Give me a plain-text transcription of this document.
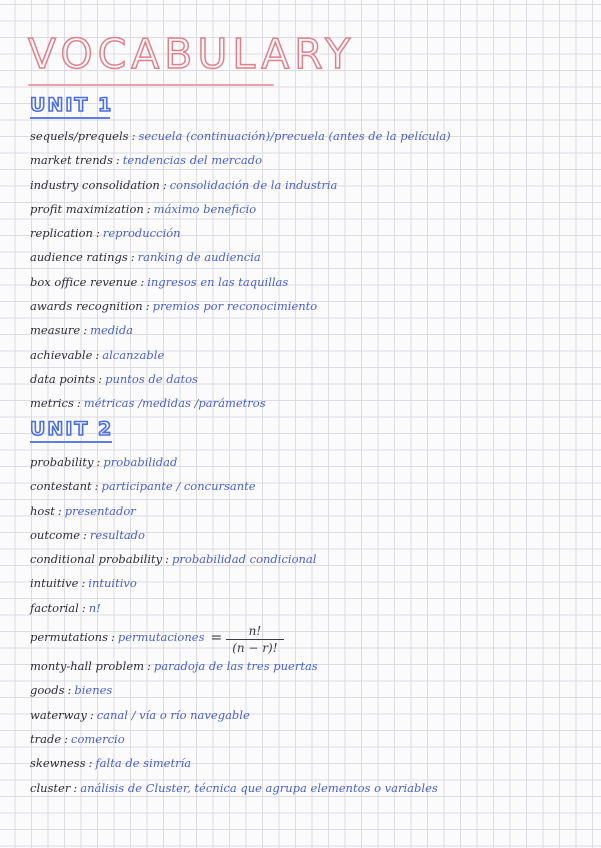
VOCABULARY
UNIT 1
sequels/prequels : secuela (continuación)/precuela (antes de la película)
market trends : tendencias del mercado
industry consolidation : consolidación de la industria
profit maximization : máximo beneficio
replication : reproducción
audience ratings : ranking de audiencia
box office revenue : ingresos en las taquillas
awards recognition : premios por reconocimiento
measure : medida
achievable : alcanzable
data points : puntos de datos
metrics : métricas /medidas /parámetros
UNIT 2
probability : probabilidad
contestant : participante / concursante
host : presentador
outcome : resultado
conditional probability : probabilidad condicional
intuitive : intuitivo
factorial : n!
permutations : permutaciones = $\frac{n!}{(n - r)!}$
monty-hall problem : paradoja de las tres puertas
goods : bienes
waterway : canal / vía o río navegable
trade : comercio
skewness : falta de simetría
cluster : análisis de Cluster, técnica que agrupa elementos o variables
